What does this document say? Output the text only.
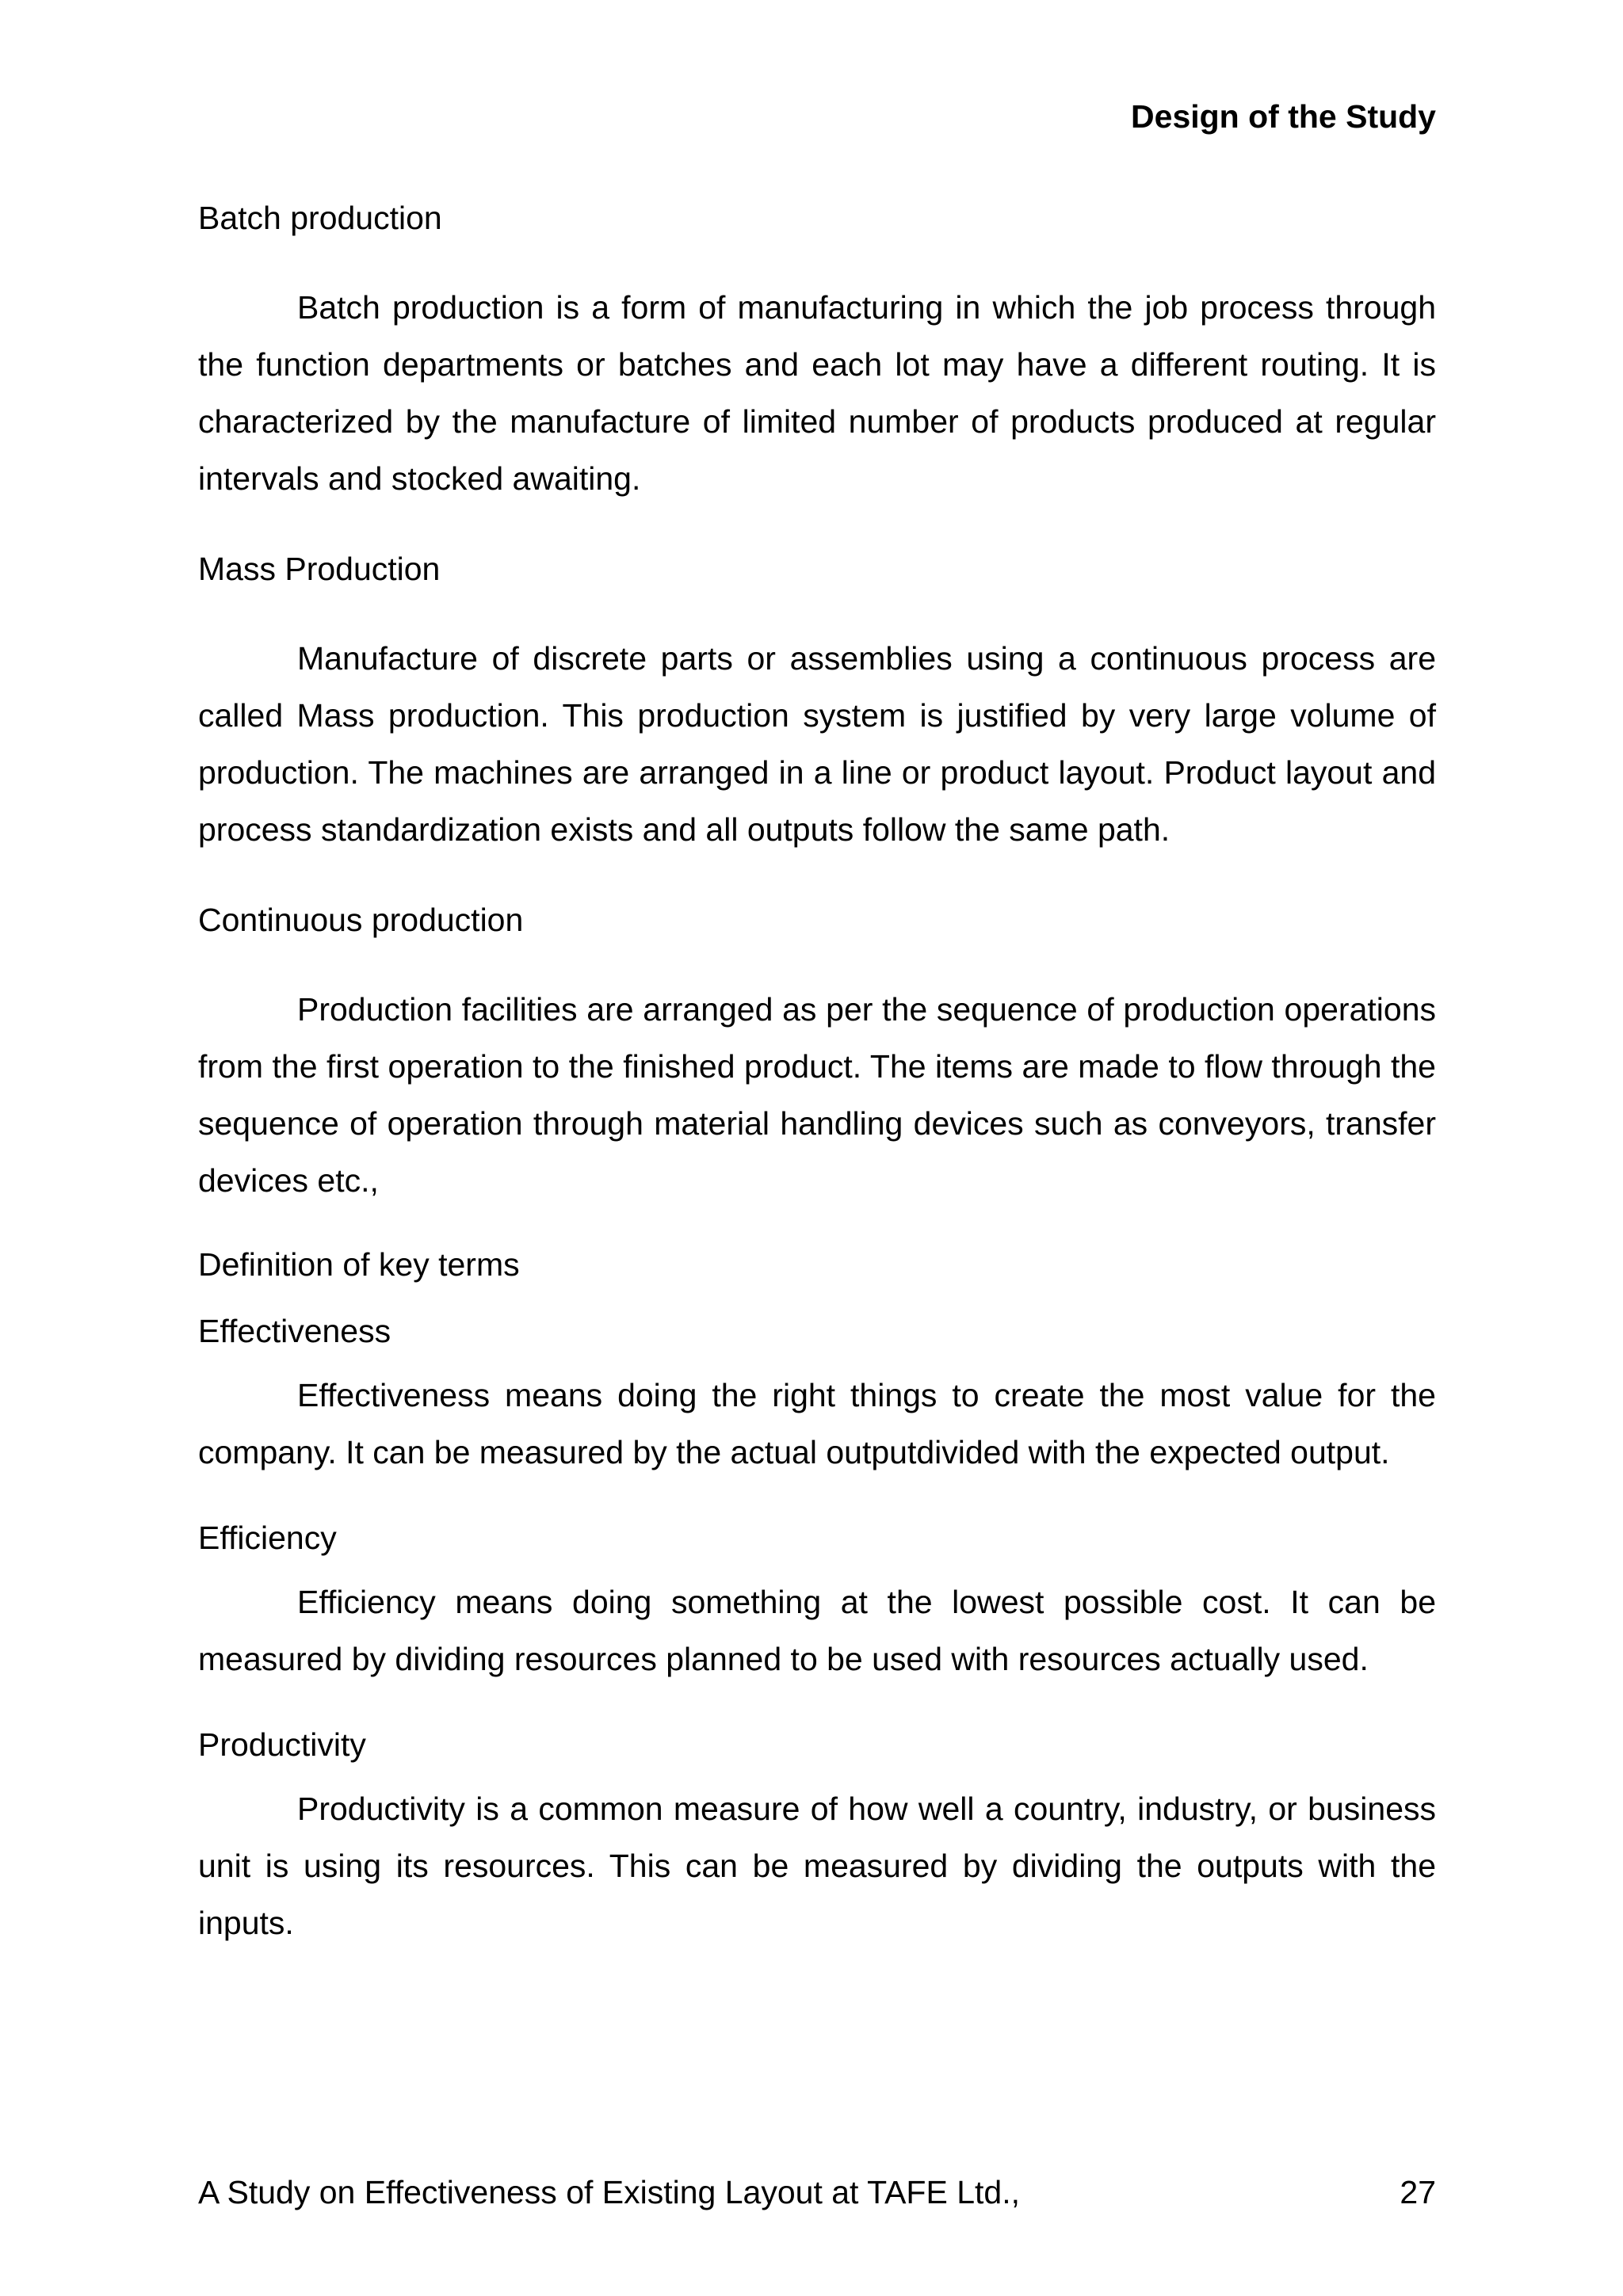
Design of the Study
Batch production
Batch production is a form of manufacturing in which the job process through the function departments or batches and each lot may have a different routing. It is characterized by the manufacture of limited number of products produced at regular intervals and stocked awaiting.
Mass Production
Manufacture of discrete parts or assemblies using a continuous process are called Mass production. This production system is justified by very large volume of production. The machines are arranged in a line or product layout. Product layout and process standardization exists and all outputs follow the same path.
Continuous production
Production facilities are arranged as per the sequence of production operations from the first operation to the finished product. The items are made to flow through the sequence of operation through material handling devices such as conveyors, transfer devices etc.,
Definition of key terms
Effectiveness
Effectiveness means doing the right things to create the most value for the company. It can be measured by the actual outputdivided with the expected output.
Efficiency
Efficiency means doing something at the lowest possible cost. It can be measured by dividing resources planned to be used with resources actually used.
Productivity
Productivity is a common measure of how well a country, industry, or business unit is using its resources. This can be measured by dividing the outputs with the inputs.
A Study on Effectiveness of Existing Layout at TAFE Ltd.,	27
